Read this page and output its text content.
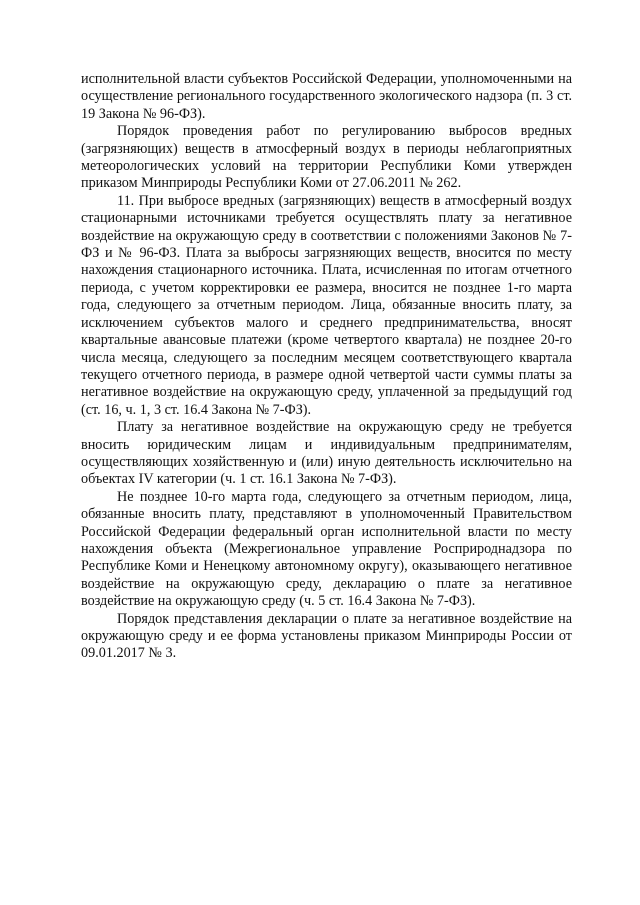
исполнительной власти субъектов Российской Федерации, уполномоченными на осуществление регионального государственного экологического надзора (п. 3 ст. 19 Закона № 96-ФЗ).

Порядок проведения работ по регулированию выбросов вредных (загрязняющих) веществ в атмосферный воздух в периоды неблагоприятных метеорологических условий на территории Республики Коми утвержден приказом Минприроды Республики Коми от 27.06.2011 № 262.

11. При выбросе вредных (загрязняющих) веществ в атмосферный воздух стационарными источниками требуется осуществлять плату за негативное воздействие на окружающую среду в соответствии с положениями Законов № 7-ФЗ и № 96-ФЗ. Плата за выбросы загрязняющих веществ, вносится по месту нахождения стационарного источника. Плата, исчисленная по итогам отчетного периода, с учетом корректировки ее размера, вносится не позднее 1-го марта года, следующего за отчетным периодом. Лица, обязанные вносить плату, за исключением субъектов малого и среднего предпринимательства, вносят квартальные авансовые платежи (кроме четвертого квартала) не позднее 20-го числа месяца, следующего за последним месяцем соответствующего квартала текущего отчетного периода, в размере одной четвертой части суммы платы за негативное воздействие на окружающую среду, уплаченной за предыдущий год (ст. 16, ч. 1, 3 ст. 16.4 Закона № 7-ФЗ).

Плату за негативное воздействие на окружающую среду не требуется вносить юридическим лицам и индивидуальным предпринимателям, осуществляющих хозяйственную и (или) иную деятельность исключительно на объектах IV категории (ч. 1 ст. 16.1 Закона № 7-ФЗ).

Не позднее 10-го марта года, следующего за отчетным периодом, лица, обязанные вносить плату, представляют в уполномоченный Правительством Российской Федерации федеральный орган исполнительной власти по месту нахождения объекта (Межрегиональное управление Росприроднадзора по Республике Коми и Ненецкому автономному округу), оказывающего негативное воздействие на окружающую среду, декларацию о плате за негативное воздействие на окружающую среду (ч. 5 ст. 16.4 Закона № 7-ФЗ).

Порядок представления декларации о плате за негативное воздействие на окружающую среду и ее форма установлены приказом Минприроды России от 09.01.2017 № 3.
